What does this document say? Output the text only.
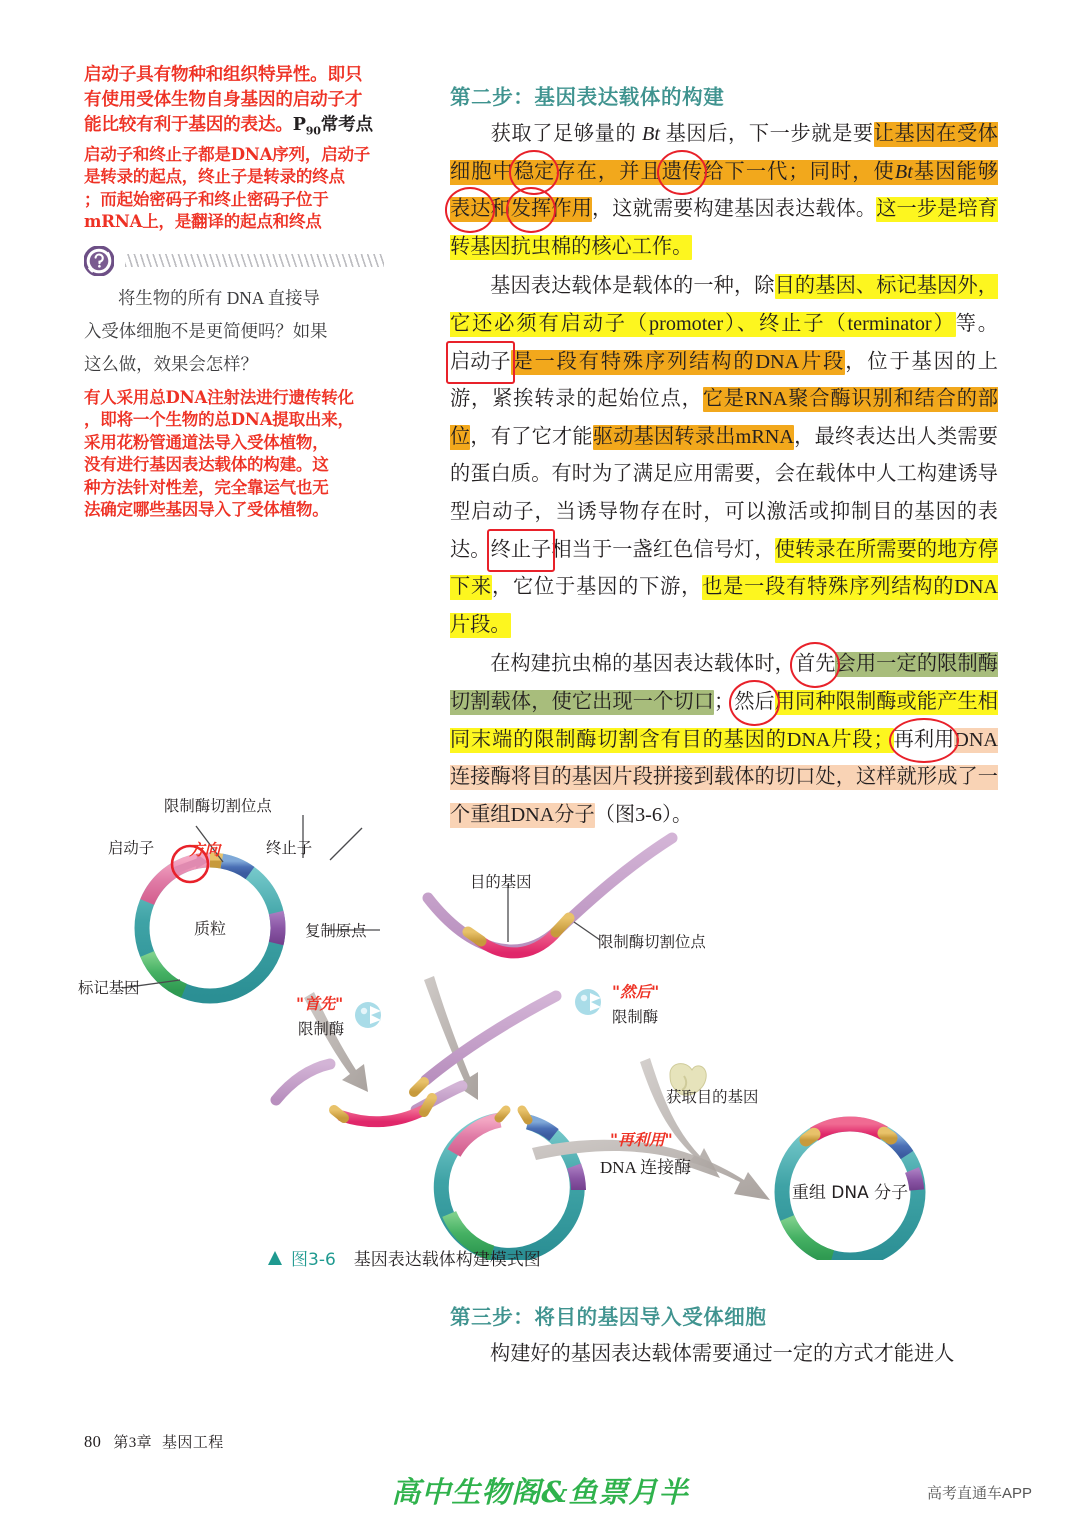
启动子具有物种和组织特异性。即只
有使用受体生物自身基因的启动子才
能比较有利于基因的表达。$P_{90}$常考点
启动子和终止子都是DNA序列，启动子
是转录的起点，终止子是转录的终点
；而起始密码子和终止密码子位于
mRNA上，是翻译的起点和终点
将生物的所有 DNA 直接导
入受体细胞不是更简便吗？如果
这么做，效果会怎样？
有人采用总DNA注射法进行遗传转化
，即将一个生物的总DNA提取出来，
采用花粉管通道法导入受体植物，
没有进行基因表达载体的构建。这
种方法针对性差，完全靠运气也无
法确定哪些基因导入了受体植物。
第二步：基因表达载体的构建

获取了足够量的 Bt 基因后，下一步就是要让基因在受体细胞中稳定存在，并且遗传给下一代；同时，使Bt基因能够表达和发挥作用，这就需要构建基因表达载体。这一步是培育转基因抗虫棉的核心工作。

基因表达载体是载体的一种，除目的基因、标记基因外，它还必须有启动子（promoter）、终止子（terminator）等。启动子是一段有特殊序列结构的DNA片段，位于基因的上游，紧挨转录的起始位点，它是RNA聚合酶识别和结合的部位，有了它才能驱动基因转录出mRNA，最终表达出人类需要的蛋白质。有时为了满足应用需要，会在载体中人工构建诱导型启动子，当诱导物存在时，可以激活或抑制目的基因的表达。终止子相当于一盏红色信号灯，使转录在所需要的地方停下来，它位于基因的下游，也是一段有特殊序列结构的DNA片段。

在构建抗虫棉的基因表达载体时，首先会用一定的限制酶切割载体，使它出现一个切口；然后用同种限制酶或能产生相同末端的限制酶切割含有目的基因的DNA片段；再利用DNA连接酶将目的基因片段拼接到载体的切口处，这样就形成了一个重组DNA分子（图3-6）。

质粒
重组 DNA 分子
限制酶切割位点
启动子 方向	终止子
复制原点
标记基因
目的基因
限制酶切割位点
"首先"
限制酶
"然后"
限制酶
获取目的基因
"再利用"
DNA 连接酶
图3-6 基因表达载体构建模式图
第三步：将目的基因导入受体细胞

构建好的基因表达载体需要通过一定的方式才能进人

80 第3章 基因工程
高中生物阁&鱼票月半	高考直通车APP
